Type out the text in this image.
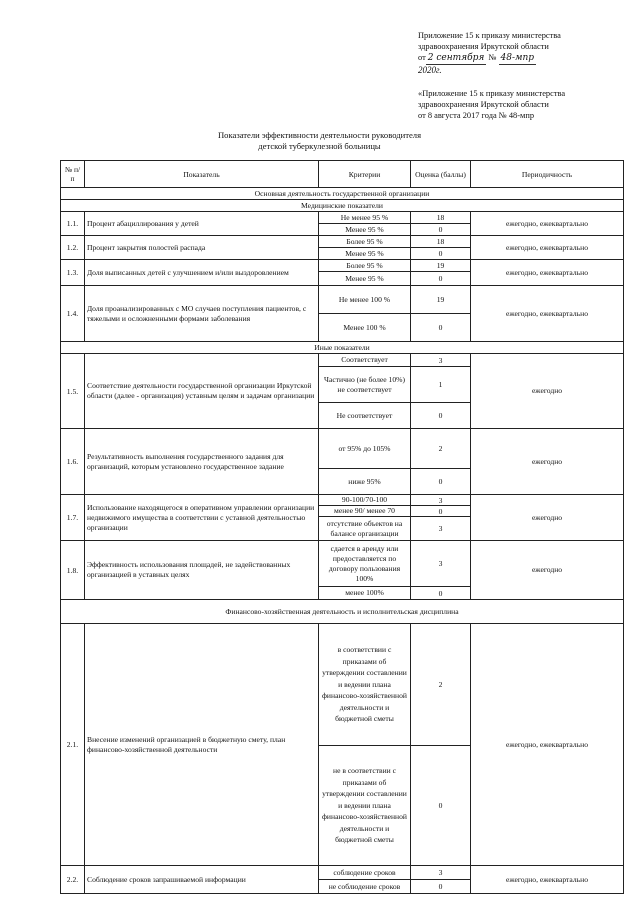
Приложение 15 к приказу министерства

здравоохранения Иркутской области

от 2 сентября № 48-мпр

2020г.

«Приложение 15 к приказу министерства

здравоохранения Иркутской области

от 8 августа 2017 года № 48-мпр

Показатели эффективности деятельности руководителя

детской туберкулезной больницы

№ п/п	Показатель	Критерии	Оценка (баллы)	Периодичность
Основная деятельность государственной организации				
Медицинские показатели				
1.1.	Процент абациллирования у детей	Не менее 95 %	18	ежегодно, ежеквартально
		Менее 95 %	0	
1.2.	Процент закрытия полостей распада	Более 95 %	18	ежегодно, ежеквартально
		Менее 95 %	0	
1.3.	Доля выписанных детей с улучшением и/или выздоровлением	Более 95 %	19	ежегодно, ежеквартально
		Менее 95 %	0	
1.4.	Доля проанализированных с МО случаев поступления пациентов, с тяжелыми и осложненными формами заболевания	Не менее 100 %	19	ежегодно, ежеквартально
		Менее 100 %	0	
Иные показатели				
1.5.	Соответствие деятельности государственной организации Иркутской области (далее - организация) уставным целям и задачам организации	Соответствует	3	ежегодно
		Частично (не более 10%) не соответствует	1	
		Не соответствует	0	
1.6.	Результативность выполнения государственного задания для организаций, которым установлено государственное задание	от 95% до 105%	2	ежегодно
		ниже 95%	0	
1.7.	Использование находящегося в оперативном управлении организации недвижимого имущества в соответствии с уставной деятельностью организации	90-100/70-100	3	ежегодно
		менее 90/ менее 70	0	
		отсутствие объектов на балансе организации	3	
1.8.	Эффективность использования площадей, не задействованных организацией в уставных целях	сдается в аренду или предоставляется по договору пользования 100%	3	ежегодно
		менее 100%	0	
Финансово-хозяйственная деятельность и исполнительская дисциплина				
2.1.	Внесение изменений организацией в бюджетную смету, план финансово-хозяйственной деятельности	в соответствии с приказами об утверждении составлении и ведении плана финансово-хозяйственной деятельности и бюджетной сметы	2	ежегодно, ежеквартально
		не в соответствии с приказами об утверждении составлении и ведении плана финансово-хозяйственной деятельности и бюджетной сметы	0	
2.2.	Соблюдение сроков запрашиваемой информации	соблюдение сроков	3	ежегодно, ежеквартально
		не соблюдение сроков	0	
